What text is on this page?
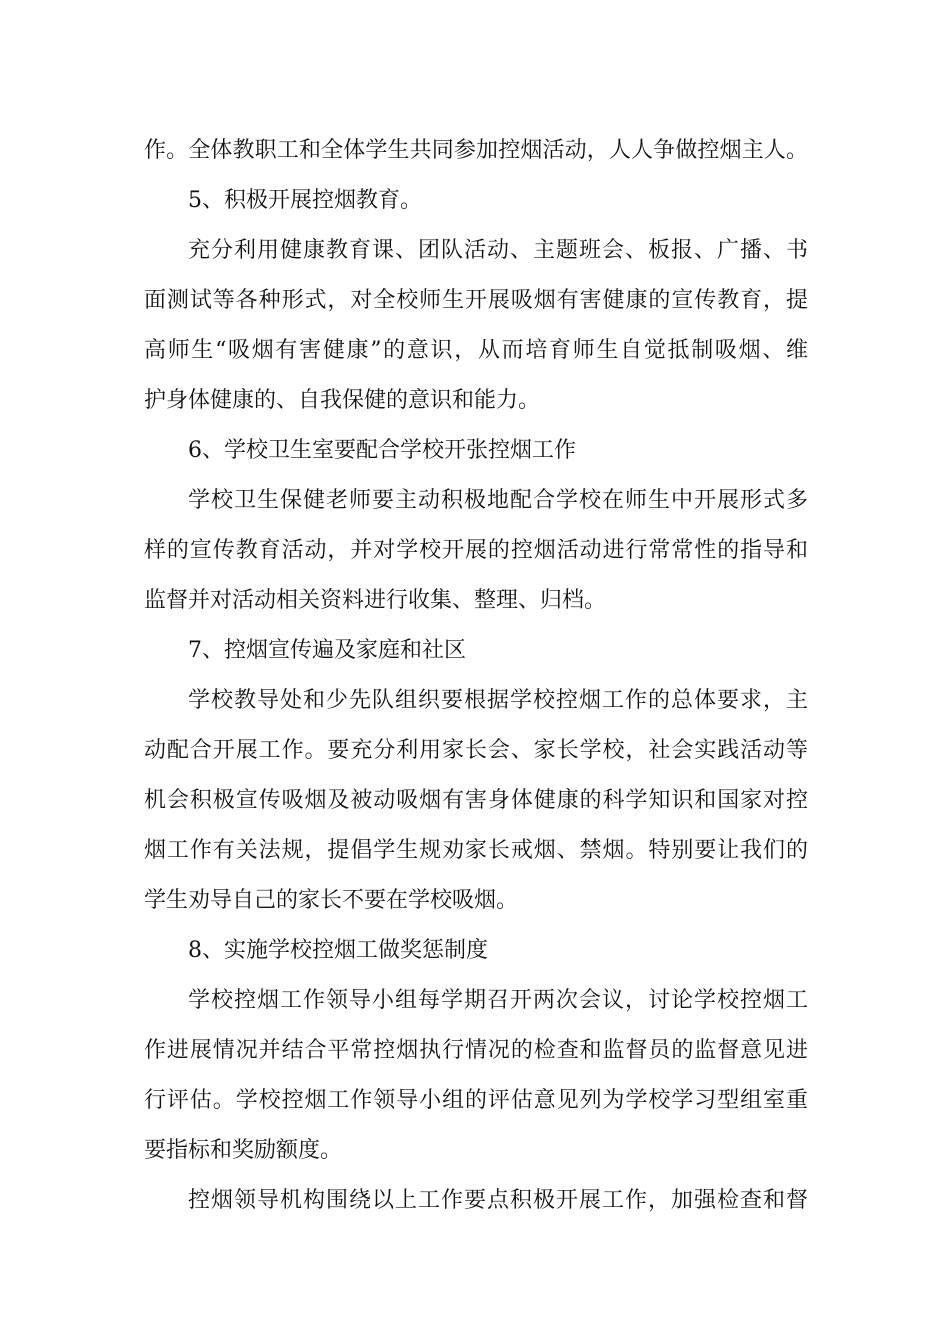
作。全体教职工和全体学生共同参加控烟活动，人人争做控烟主人。
5、积极开展控烟教育。
充分利用健康教育课、团队活动、主题班会、板报、广播、书
面测试等各种形式，对全校师生开展吸烟有害健康的宣传教育，提
高师生“吸烟有害健康”的意识，从而培育师生自觉抵制吸烟、维
护身体健康的、自我保健的意识和能力。
6、学校卫生室要配合学校开张控烟工作
学校卫生保健老师要主动积极地配合学校在师生中开展形式多
样的宣传教育活动，并对学校开展的控烟活动进行常常性的指导和
监督并对活动相关资料进行收集、整理、归档。
7、控烟宣传遍及家庭和社区
学校教导处和少先队组织要根据学校控烟工作的总体要求，主
动配合开展工作。要充分利用家长会、家长学校，社会实践活动等
机会积极宣传吸烟及被动吸烟有害身体健康的科学知识和国家对控
烟工作有关法规，提倡学生规劝家长戒烟、禁烟。特别要让我们的
学生劝导自己的家长不要在学校吸烟。
8、实施学校控烟工做奖惩制度
学校控烟工作领导小组每学期召开两次会议，讨论学校控烟工
作进展情况并结合平常控烟执行情况的检查和监督员的监督意见进
行评估。学校控烟工作领导小组的评估意见列为学校学习型组室重
要指标和奖励额度。
控烟领导机构围绕以上工作要点积极开展工作，加强检查和督
